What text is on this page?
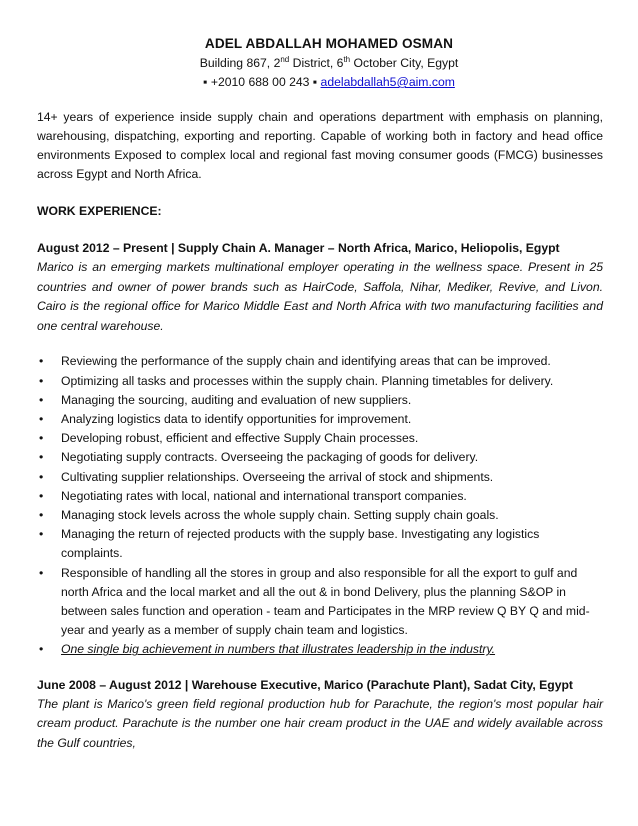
ADEL ABDALLAH MOHAMED OSMAN
Building 867, 2nd District, 6th October City, Egypt
▪ +2010 688 00 243 ▪ adelabdallah5@aim.com
14+ years of experience inside supply chain and operations department with emphasis on planning, warehousing, dispatching, exporting and reporting. Capable of working both in factory and head office environments Exposed to complex local and regional fast moving consumer goods (FMCG) businesses across Egypt and North Africa.
WORK EXPERIENCE:
August 2012 – Present | Supply Chain A. Manager – North Africa, Marico, Heliopolis, Egypt
Marico is an emerging markets multinational employer operating in the wellness space. Present in 25 countries and owner of power brands such as HairCode, Saffola, Nihar, Mediker, Revive, and Livon. Cairo is the regional office for Marico Middle East and North Africa with two manufacturing facilities and one central warehouse.
• Reviewing the performance of the supply chain and identifying areas that can be improved.
• Optimizing all tasks and processes within the supply chain. Planning timetables for delivery.
• Managing the sourcing, auditing and evaluation of new suppliers.
• Analyzing logistics data to identify opportunities for improvement.
• Developing robust, efficient and effective Supply Chain processes.
• Negotiating supply contracts. Overseeing the packaging of goods for delivery.
• Cultivating supplier relationships. Overseeing the arrival of stock and shipments.
• Negotiating rates with local, national and international transport companies.
• Managing stock levels across the whole supply chain. Setting supply chain goals.
• Managing the return of rejected products with the supply base. Investigating any logistics complaints.
• Responsible of handling all the stores in group and also responsible for all the export to gulf and north Africa and the local market and all the out & in bond Delivery, plus the planning S&OP in between sales function and operation - team and Participates in the MRP review Q BY Q and mid-year and yearly as a member of supply chain team and logistics.
• One single big achievement in numbers that illustrates leadership in the industry.
June 2008 – August 2012 | Warehouse Executive, Marico (Parachute Plant), Sadat City, Egypt
The plant is Marico's green field regional production hub for Parachute, the region's most popular hair cream product. Parachute is the number one hair cream product in the UAE and widely available across the Gulf countries,
